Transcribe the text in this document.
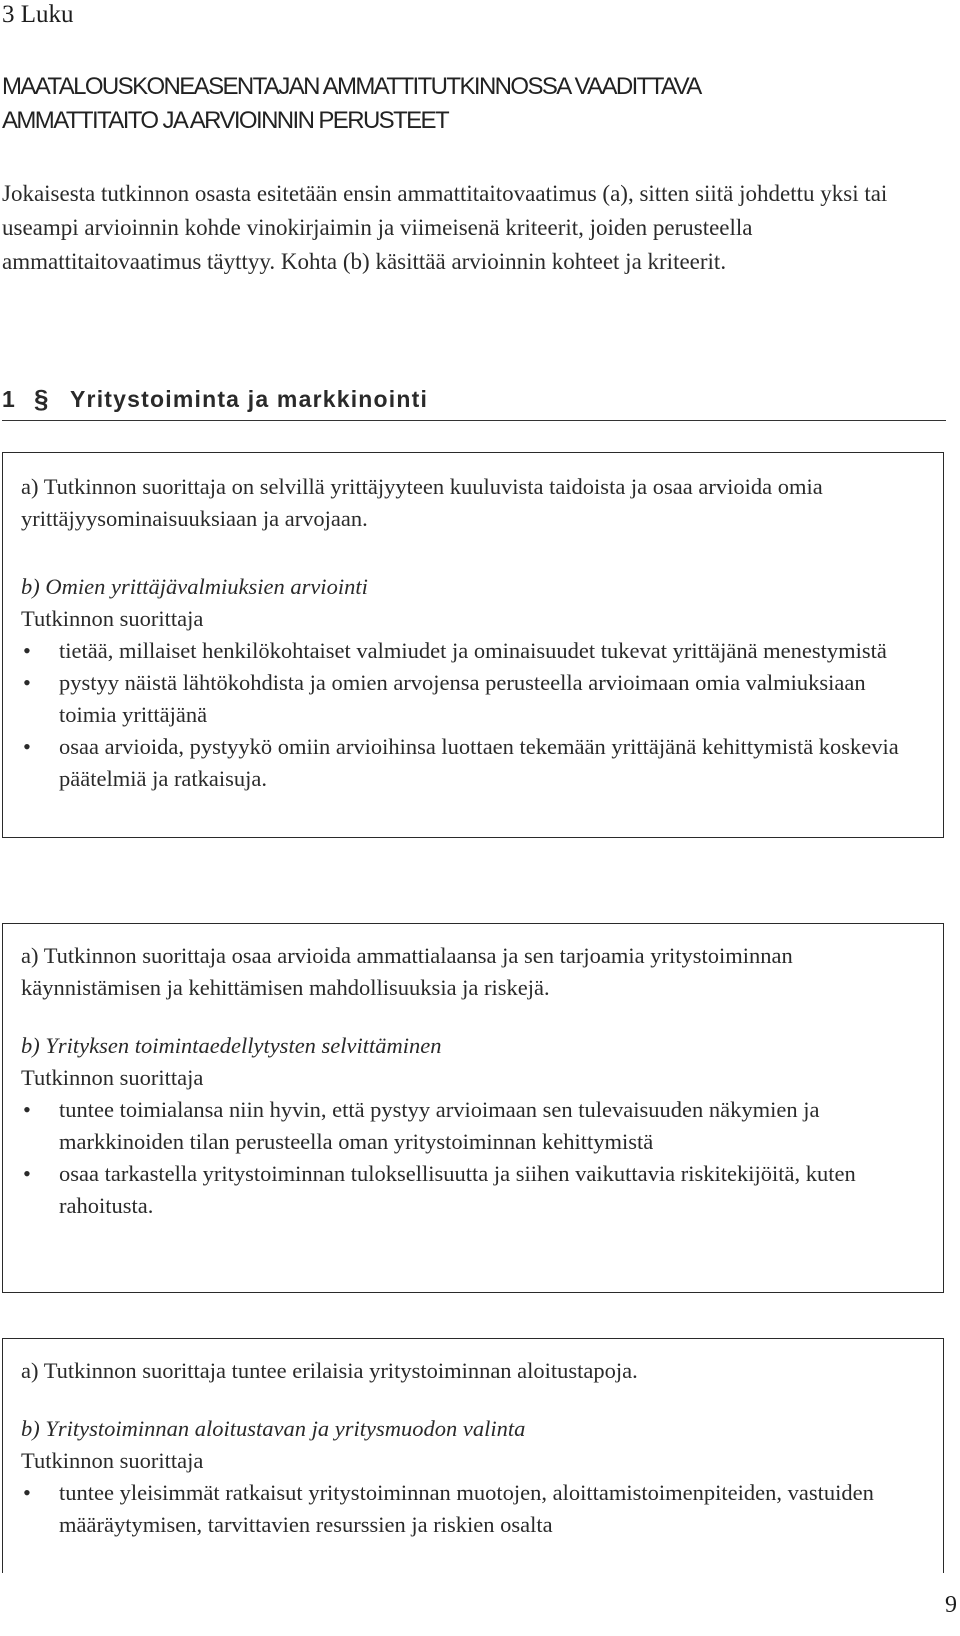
3 Luku
MAATALOUSKONEASENTAJAN AMMATTITUTKINNOSSA VAADITTAVA
AMMATTITAITO JA ARVIOINNIN PERUSTEET
Jokaisesta tutkinnon osasta esitetään ensin ammattitaitovaatimus (a), sitten siitä johdettu yksi tai useampi arvioinnin kohde vinokirjaimin ja viimeisenä kriteerit, joiden perusteella ammattitaitovaatimus täyttyy. Kohta (b) käsittää arvioinnin kohteet ja kriteerit.
1 § Yritystoiminta ja markkinointi
a) Tutkinnon suorittaja on selvillä yrittäjyyteen kuuluvista taidoista ja osaa arvioida omia yrittäjyysominaisuuksiaan ja arvojaan.
b) Omien yrittäjävalmiuksien arviointi
Tutkinnon suorittaja
• tietää, millaiset henkilökohtaiset valmiudet ja ominaisuudet tukevat yrittäjänä menestymistä
• pystyy näistä lähtökohdista ja omien arvojensa perusteella arvioimaan omia valmiuksiaan toimia yrittäjänä
• osaa arvioida, pystyykö omiin arvioihinsa luottaen tekemään yrittäjänä kehittymistä koskevia päätelmiä ja ratkaisuja.
a) Tutkinnon suorittaja osaa arvioida ammattialaansa ja sen tarjoamia yritystoiminnan käynnistämisen ja kehittämisen mahdollisuuksia ja riskejä.
b) Yrityksen toimintaedellytysten selvittäminen
Tutkinnon suorittaja
• tuntee toimialansa niin hyvin, että pystyy arvioimaan sen tulevaisuuden näkymien ja markkinoiden tilan perusteella oman yritystoiminnan kehittymistä
• osaa tarkastella yritystoiminnan tuloksellisuutta ja siihen vaikuttavia riskitekijöitä, kuten rahoitusta.
a) Tutkinnon suorittaja tuntee erilaisia yritystoiminnan aloitustapoja.
b) Yritystoiminnan aloitustavan ja yritysmuodon valinta
Tutkinnon suorittaja
• tuntee yleisimmät ratkaisut yritystoiminnan muotojen, aloittamistoimenpiteiden, vastuiden määräytymisen, tarvittavien resurssien ja riskien osalta
9
